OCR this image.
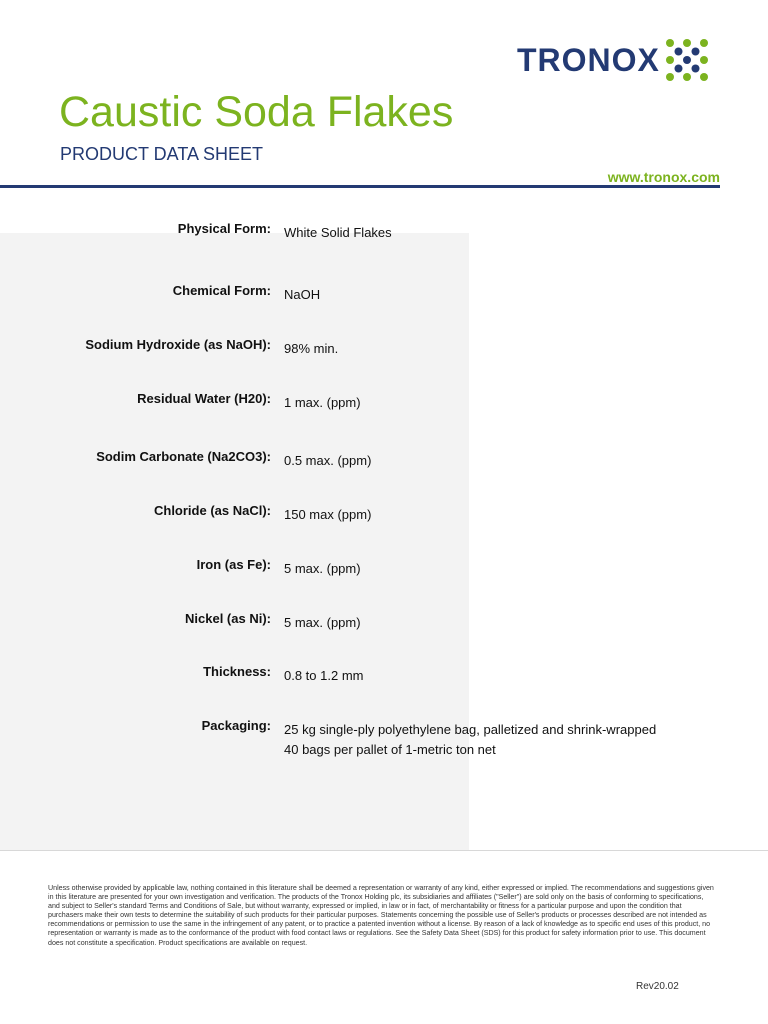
TRONOX
Caustic Soda Flakes
PRODUCT DATA SHEET
www.tronox.com
Physical Form: White Solid Flakes
Chemical Form: NaOH
Sodium Hydroxide (as NaOH): 98% min.
Residual Water (H20): 1 max. (ppm)
Sodim Carbonate (Na2CO3): 0.5 max. (ppm)
Chloride (as NaCl): 150 max (ppm)
Iron (as Fe): 5 max. (ppm)
Nickel (as Ni): 5 max. (ppm)
Thickness: 0.8 to 1.2 mm
Packaging: 25 kg single-ply polyethylene bag, palletized and shrink-wrapped
40 bags per pallet of 1-metric ton net
Unless otherwise provided by applicable law, nothing contained in this literature shall be deemed a representation or warranty of any kind, either expressed or implied. The recommendations and suggestions given in this literature are presented for your own investigation and verification. The products of the Tronox Holding plc, its subsidiaries and affiliates ("Seller") are sold only on the basis of conforming to specifications, and subject to Seller's standard Terms and Conditions of Sale, but without warranty, expressed or implied, in law or in fact, of merchantability or fitness for a particular purpose and upon the condition that purchasers make their own tests to determine the suitability of such products for their particular purposes. Statements concerning the possible use of Seller's products or processes described are not intended as recommendations or permission to use the same in the infringement of any patent, or to practice a patented invention without a license. By reason of a lack of knowledge as to specific end uses of this product, no representation or warranty is made as to the conformance of the product with food contact laws or regulations. See the Safety Data Sheet (SDS) for this product for safety information prior to use. This document does not constitute a specification. Product specifications are available on request.
Rev20.02
